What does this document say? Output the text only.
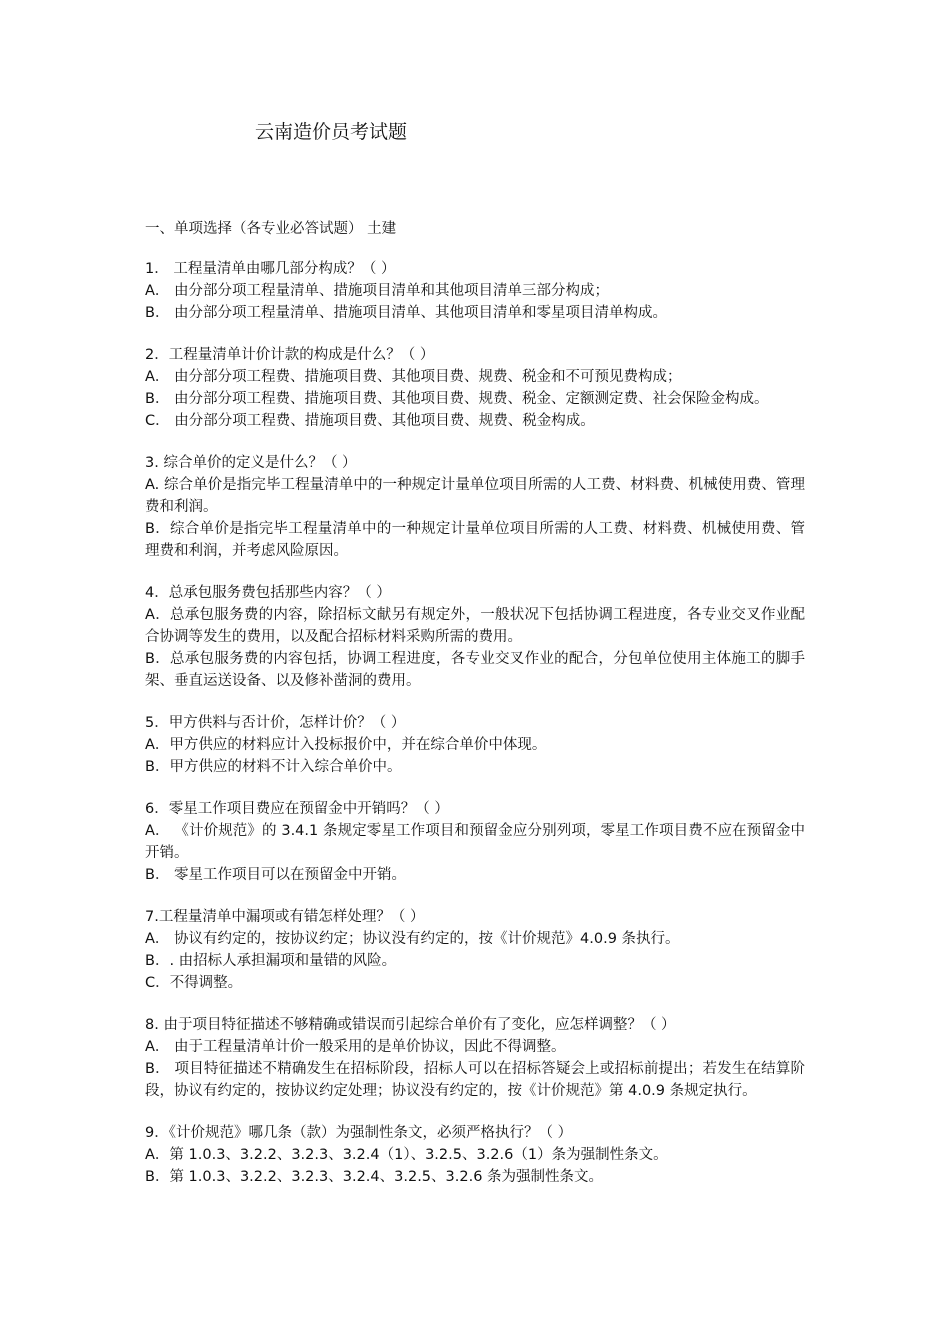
云南造价员考试题
一、单项选择（各专业必答试题） 土建
1． 工程量清单由哪几部分构成？（ ）
A． 由分部分项工程量清单、措施项目清单和其他项目清单三部分构成；
B． 由分部分项工程量清单、措施项目清单、其他项目清单和零星项目清单构成。
2．工程量清单计价计款的构成是什么？（ ）
A． 由分部分项工程费、措施项目费、其他项目费、规费、税金和不可预见费构成；
B． 由分部分项工程费、措施项目费、其他项目费、规费、税金、定额测定费、社会保险金构成。
C． 由分部分项工程费、措施项目费、其他项目费、规费、税金构成。
3. 综合单价的定义是什么？（ ）
A. 综合单价是指完毕工程量清单中的一种规定计量单位项目所需的人工费、材料费、机械使用费、管理费和利润。
B．综合单价是指完毕工程量清单中的一种规定计量单位项目所需的人工费、材料费、机械使用费、管理费和利润，并考虑风险原因。
4．总承包服务费包括那些内容？（ ）
A．总承包服务费的内容，除招标文献另有规定外，一般状况下包括协调工程进度，各专业交叉作业配合协调等发生的费用，以及配合招标材料采购所需的费用。
B．总承包服务费的内容包括，协调工程进度，各专业交叉作业的配合，分包单位使用主体施工的脚手架、垂直运送设备、以及修补凿洞的费用。
5．甲方供料与否计价，怎样计价？（ ）
A．甲方供应的材料应计入投标报价中，并在综合单价中体现。
B．甲方供应的材料不计入综合单价中。
6．零星工作项目费应在预留金中开销吗？（ ）
A． 《计价规范》的 3.4.1 条规定零星工作项目和预留金应分别列项，零星工作项目费不应在预留金中开销。
B． 零星工作项目可以在预留金中开销。
7.工程量清单中漏项或有错怎样处理？（ ）
A． 协议有约定的，按协议约定；协议没有约定的，按《计价规范》4.0.9 条执行。
B．. 由招标人承担漏项和量错的风险。
C．不得调整。
8. 由于项目特征描述不够精确或错误而引起综合单价有了变化，应怎样调整？（ ）
A． 由于工程量清单计价一般采用的是单价协议，因此不得调整。
B． 项目特征描述不精确发生在招标阶段，招标人可以在招标答疑会上或招标前提出；若发生在结算阶段，协议有约定的，按协议约定处理；协议没有约定的，按《计价规范》第 4.0.9 条规定执行。
9．《计价规范》哪几条（款）为强制性条文，必须严格执行？（ ）
A．第 1.0.3、3.2.2、3.2.3、3.2.4（1）、3.2.5、3.2.6（1）条为强制性条文。
B．第 1.0.3、3.2.2、3.2.3、3.2.4、3.2.5、3.2.6 条为强制性条文。
